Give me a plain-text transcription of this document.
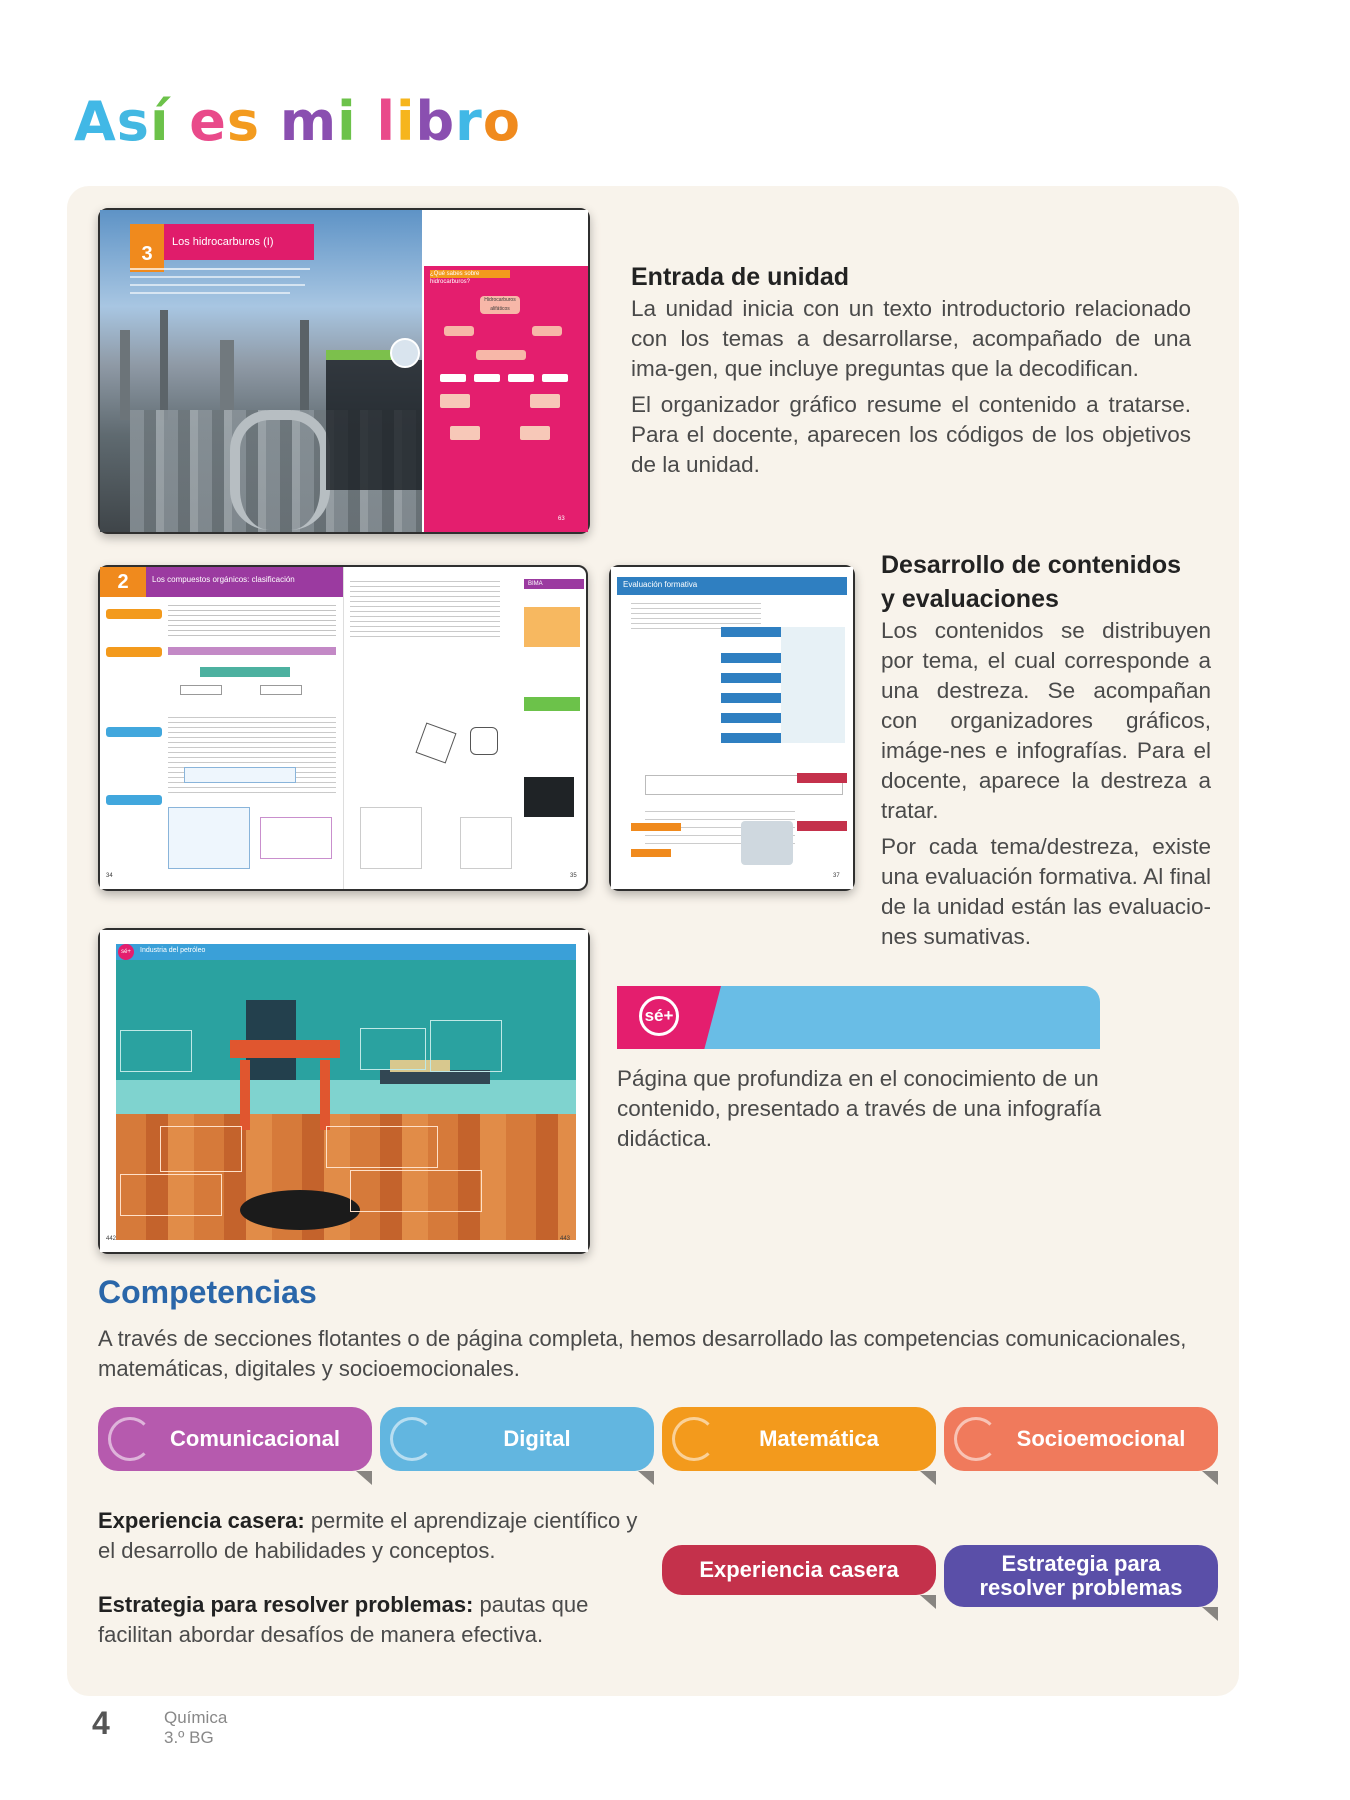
Así es mi libro
3
Los hidrocarburos (I)
¿Qué sabes sobre hidrocarburos?
Hidrocarburos alifáticos
63
Entrada de unidad

La unidad inicia con un texto introductorio relacionado con los temas a desarrollarse, acompañado de una ima-gen, que incluye preguntas que la decodifican.

El organizador gráfico resume el contenido a tratarse. Para el docente, aparecen los códigos de los objetivos de la unidad.

2	Los compuestos orgánicos: clasificación
34
BIMA
35
Evaluación formativa
37
Desarrollo de contenidos
y evaluaciones

Los contenidos se distribuyen por tema, el cual corresponde a una destreza. Se acompañan con organizadores gráficos, imáge-nes e infografías. Para el docente, aparece la destreza a tratar.

Por cada tema/destreza, existe una evaluación formativa. Al final de la unidad están las evaluacio-nes sumativas.

sé+	Industria del petróleo
442	443
sé+
Página que profundiza en el conocimiento de un contenido, presentado a través de una infografía didáctica.
Competencias
A través de secciones flotantes o de página completa, hemos desarrollado las competencias comunicacionales, matemáticas, digitales y socioemocionales.
Comunicacional	Digital	Matemática	Socioemocional
Experiencia casera: permite el aprendizaje científico y el desarrollo de habilidades y conceptos.
Estrategia para resolver problemas: pautas que facilitan abordar desafíos de manera efectiva.
Experiencia casera	Estrategia para
resolver problemas
4	Química
3.º BG
